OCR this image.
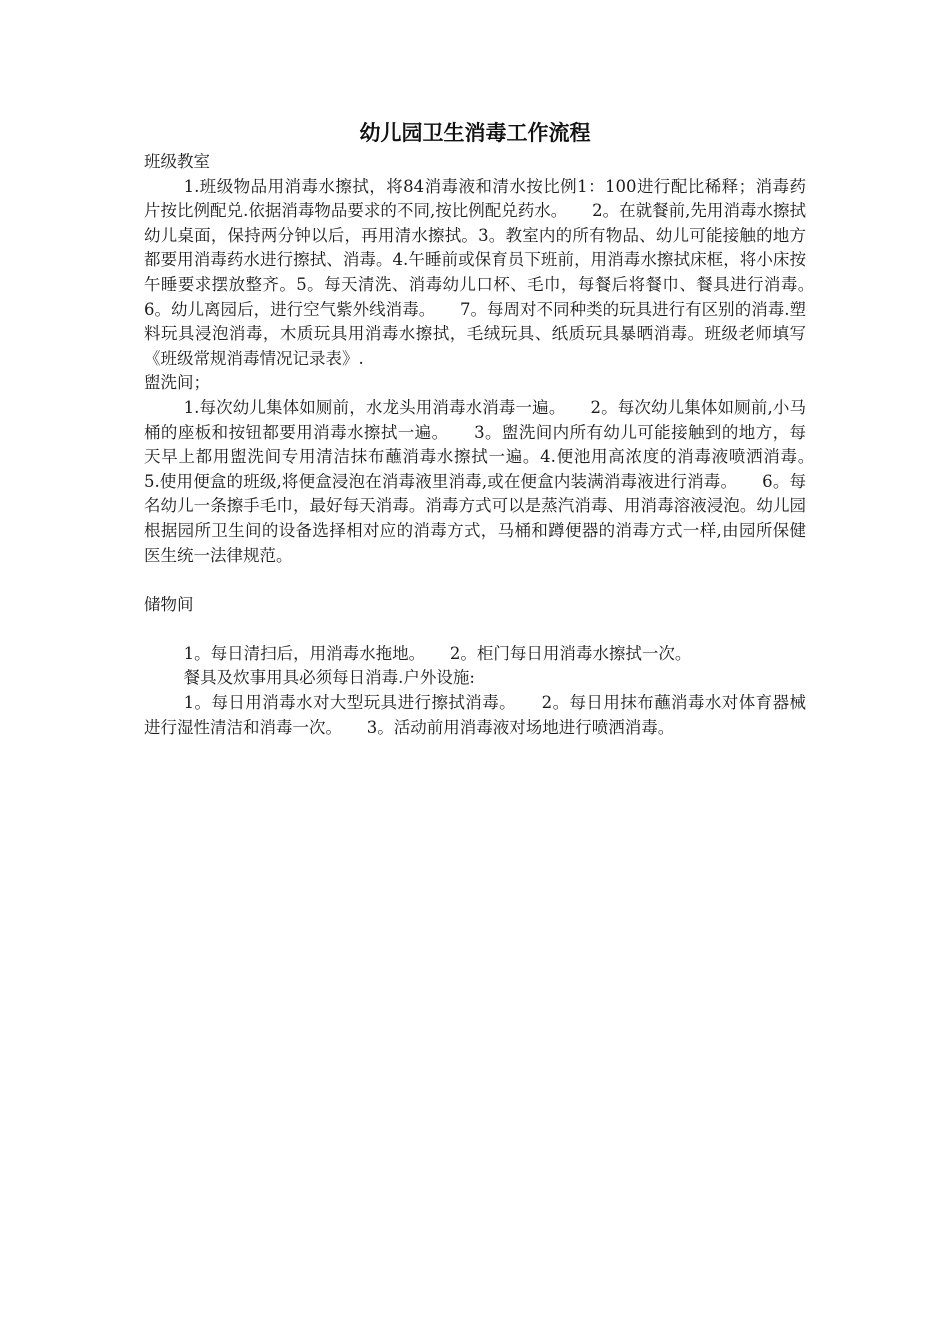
幼儿园卫生消毒工作流程

班级教室

1.班级物品用消毒水擦拭，将84消毒液和清水按比例1：100进行配比稀释；消毒药片按比例配兑.依据消毒物品要求的不同,按比例配兑药水。　　2。在就餐前,先用消毒水擦拭幼儿桌面，保持两分钟以后，再用清水擦拭。3。教室内的所有物品、幼儿可能接触的地方都要用消毒药水进行擦拭、消毒。4.午睡前或保育员下班前，用消毒水擦拭床框，将小床按午睡要求摆放整齐。5。每天清洗、消毒幼儿口杯、毛巾，每餐后将餐巾、餐具进行消毒。　　6。幼儿离园后，进行空气紫外线消毒。　　7。每周对不同种类的玩具进行有区别的消毒.塑料玩具浸泡消毒，木质玩具用消毒水擦拭，毛绒玩具、纸质玩具暴晒消毒。班级老师填写《班级常规消毒情况记录表》.

盥洗间；

1.每次幼儿集体如厕前，水龙头用消毒水消毒一遍。　　2。每次幼儿集体如厕前,小马桶的座板和按钮都要用消毒水擦拭一遍。　　3。盥洗间内所有幼儿可能接触到的地方，每天早上都用盥洗间专用清洁抹布蘸消毒水擦拭一遍。4.便池用高浓度的消毒液喷洒消毒。　　5.使用便盒的班级,将便盒浸泡在消毒液里消毒,或在便盒内装满消毒液进行消毒。　　6。每名幼儿一条擦手毛巾，最好每天消毒。消毒方式可以是蒸汽消毒、用消毒溶液浸泡。幼儿园根据园所卫生间的设备选择相对应的消毒方式，马桶和蹲便器的消毒方式一样,由园所保健医生统一法律规范。

储物间

1。每日清扫后，用消毒水拖地。　　2。柜门每日用消毒水擦拭一次。

餐具及炊事用具必须每日消毒.户外设施:

1。每日用消毒水对大型玩具进行擦拭消毒。　　2。每日用抹布蘸消毒水对体育器械进行湿性清洁和消毒一次。　　3。活动前用消毒液对场地进行喷洒消毒。
